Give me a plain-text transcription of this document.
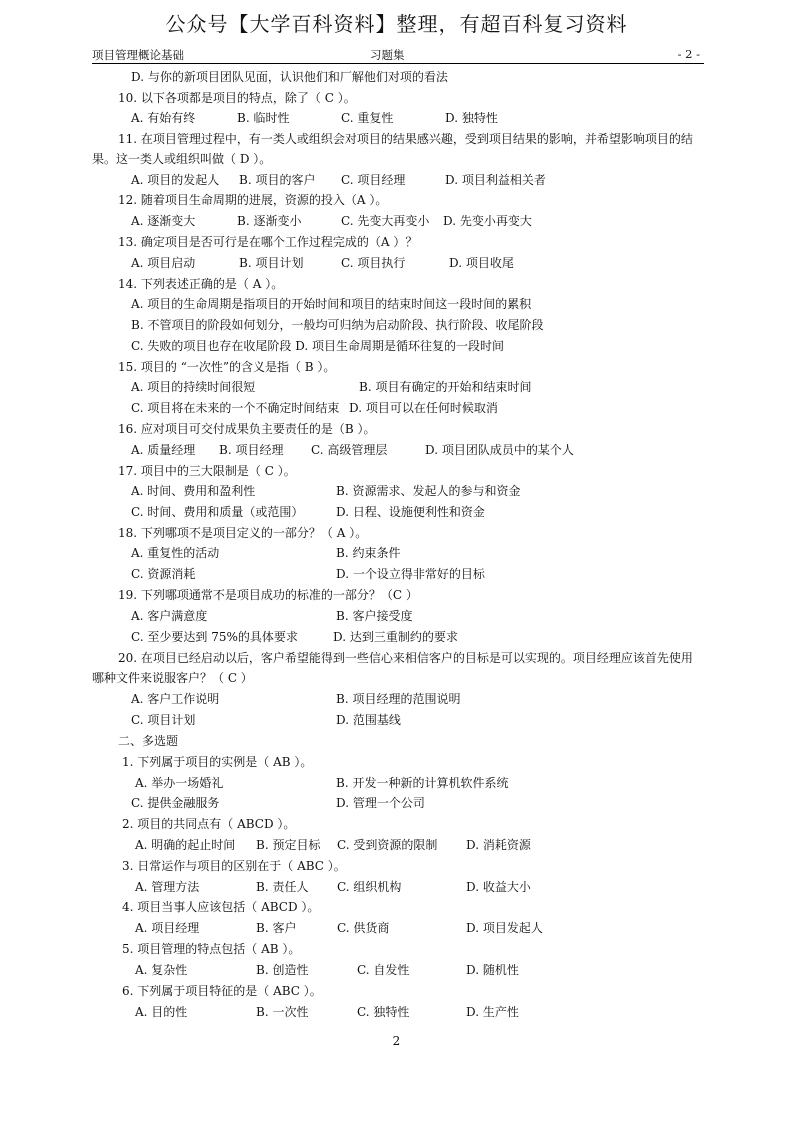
公众号【大学百科资料】整理，有超百科复习资料
项目管理概论基础	习题集	- 2 -
D. 与你的新项目团队见面，认识他们和厂解他们对项的看法
10. 以下各项都是项目的特点，除了（ C ）。
A. 有始有终	B. 临时性	C. 重复性	D. 独特性
11. 在项目管理过程中，有一类人或组织会对项目的结果感兴趣，受到项目结果的影响，并希望影响项目的结
果。这一类人或组织叫做（ D ）。
A. 项目的发起人 B. 项目的客户 C. 项目经理	D. 项目利益相关者
12. 随着项目生命周期的进展，资源的投入（A ）。
A. 逐渐变大	B. 逐渐变小	C. 先变大再变小 D. 先变小再变大
13. 确定项目是否可行是在哪个工作过程完成的（A ）？
A. 项目启动	B. 项目计划	C. 项目执行	D. 项目收尾
14. 下列表述正确的是（ A ）。
A. 项目的生命周期是指项目的开始时间和项目的结束时间这一段时间的累积
B. 不管项目的阶段如何划分，一般均可归纳为启动阶段、执行阶段、收尾阶段
C. 失败的项目也存在收尾阶段 D. 项目生命周期是循环往复的一段时间
15. 项目的 “一次性”的含义是指（ B ）。
A. 项目的持续时间很短	B. 项目有确定的开始和结束时间
C. 项目将在未来的一个不确定时间结束 D. 项目可以在任何时候取消
16. 应对项目可交付成果负主要责任的是（B ）。
A. 质量经理 B. 项目经理 C. 高级管理层	D. 项目团队成员中的某个人
17. 项目中的三大限制是（ C ）。
A. 时间、费用和盈利性	B. 资源需求、发起人的参与和资金
C. 时间、费用和质量（或范围）	D. 日程、设施便利性和资金
18. 下列哪项不是项目定义的一部分？（ A ）。
A. 重复性的活动	B. 约束条件
C. 资源消耗	D. 一个设立得非常好的目标
19. 下列哪项通常不是项目成功的标准的一部分？（C ）
A. 客户满意度	B. 客户接受度
C. 至少要达到 75%的具体要求	D. 达到三重制约的要求
20. 在项目已经启动以后，客户希望能得到一些信心来相信客户的目标是可以实现的。项目经理应该首先使用
哪种文件来说服客户？（ C ）
A. 客户工作说明	B. 项目经理的范围说明
C. 项目计划	D. 范围基线
二、多选题
1. 下列属于项目的实例是（ AB ）。
A. 举办一场婚礼	B. 开发一种新的计算机软件系统
C. 提供金融服务	D. 管理一个公司
2. 项目的共同点有（ ABCD ）。
A. 明确的起止时间 B. 预定目标 C. 受到资源的限制 D. 消耗资源
3. 日常运作与项目的区别在于（ ABC ）。
A. 管理方法	B. 责任人 C. 组织机构	D. 收益大小
4. 项目当事人应该包括（ ABCD ）。
A. 项目经理	B. 客户	C. 供货商	D. 项目发起人
5. 项目管理的特点包括（ AB ）。
A. 复杂性	B. 创造性	C. 自发性	D. 随机性
6. 下列属于项目特征的是（ ABC ）。
A. 目的性	B. 一次性	C. 独特性	D. 生产性
2
